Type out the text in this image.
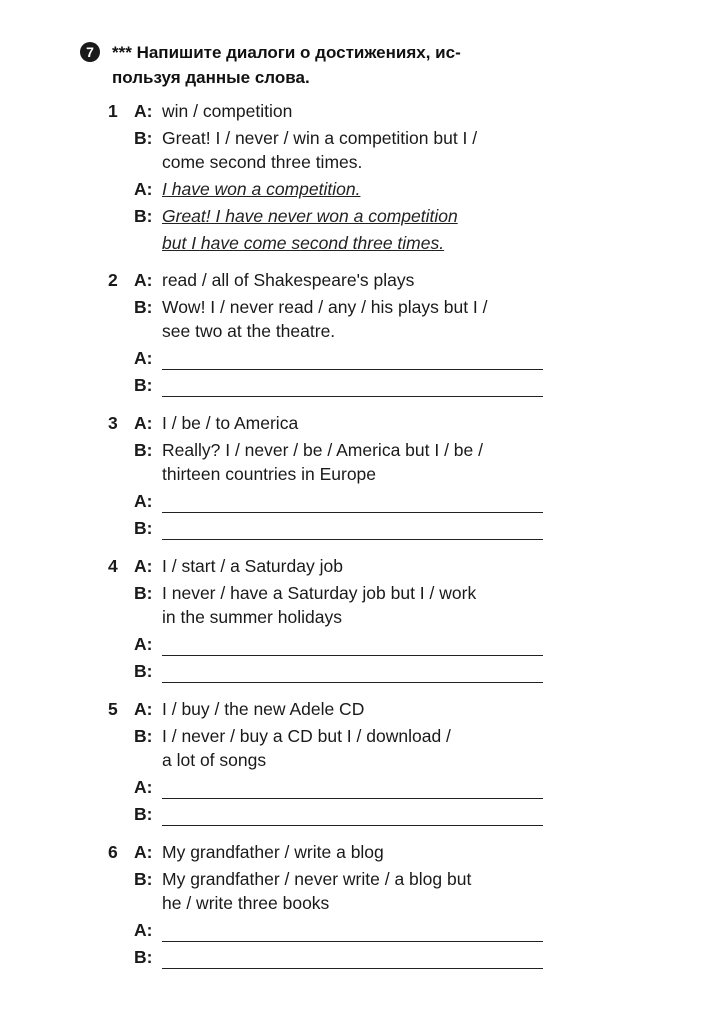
7	*** Напишите диалоги о достижениях, ис-
пользуя данные слова.
1 A: win / competition
B: Great! I / never / win a competition but I /
come second three times.
A: I have won a competition.
B: Great! I have never won a competition
but I have come second three times.
2 A: read / all of Shakespeare's plays
B: Wow! I / never read / any / his plays but I /
see two at the theatre.
A:
B:
3 A: I / be / to America
B: Really? I / never / be / America but I / be /
thirteen countries in Europe
A:
B:
4 A: I / start / a Saturday job
B: I never / have a Saturday job but I / work
in the summer holidays
A:
B:
5 A: I / buy / the new Adele CD
B: I / never / buy a CD but I / download /
a lot of songs
A:
B:
6 A: My grandfather / write a blog
B: My grandfather / never write / a blog but
he / write three books
A:
B:
